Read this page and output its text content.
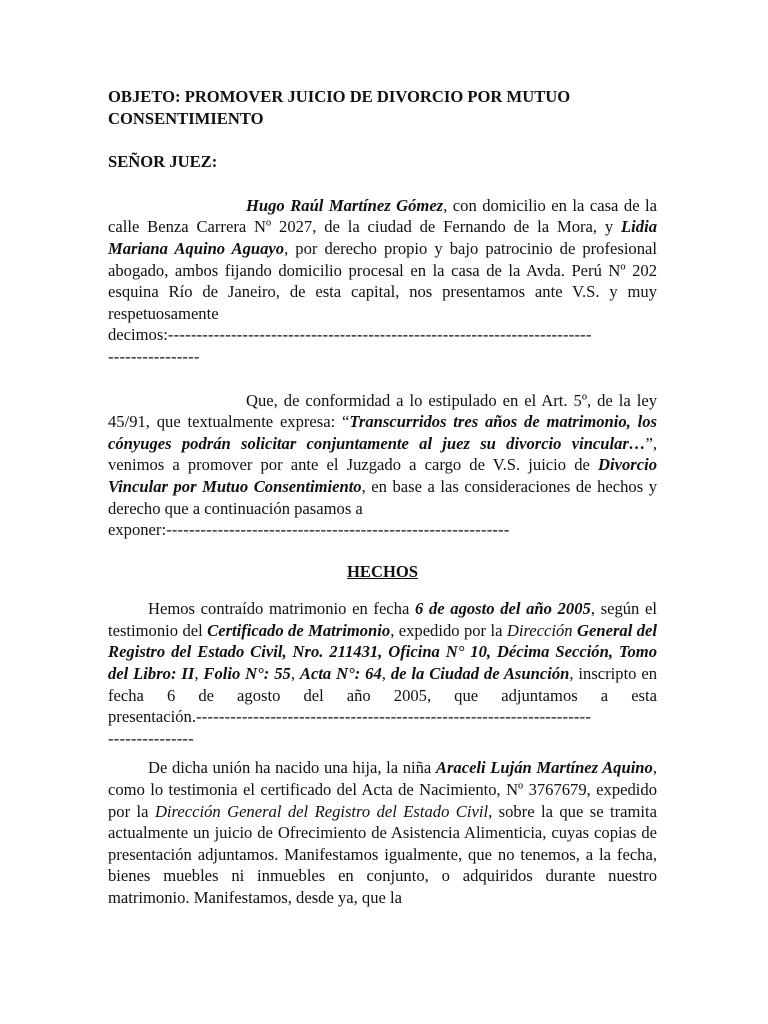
OBJETO: PROMOVER JUICIO DE DIVORCIO POR MUTUO CONSENTIMIENTO
SEÑOR JUEZ:

Hugo Raúl Martínez Gómez, con domicilio en la casa de la calle Benza Carrera Nº 2027, de la ciudad de Fernando de la Mora, y Lidia Mariana Aquino Aguayo, por derecho propio y bajo patrocinio de profesional abogado, ambos fijando domicilio procesal en la casa de la Avda. Perú Nº 202 esquina Río de Janeiro, de esta capital, nos presentamos ante V.S. y muy respetuosamente decimos:--------------------------------------------------------------------------

----------------

Que, de conformidad a lo estipulado en el Art. 5º, de la ley 45/91, que textualmente expresa: “Transcurridos tres años de matrimonio, los cónyuges podrán solicitar conjuntamente al juez su divorcio vincular…”, venimos a promover por ante el Juzgado a cargo de V.S. juicio de Divorcio Vincular por Mutuo Consentimiento, en base a las consideraciones de hechos y derecho que a continuación pasamos a

exponer:------------------------------------------------------------
HECHOS

Hemos contraído matrimonio en fecha 6 de agosto del año 2005, según el testimonio del Certificado de Matrimonio, expedido por la Dirección General del Registro del Estado Civil, Nro. 211431, Oficina N° 10, Décima Sección, Tomo del Libro: II, Folio N°: 55, Acta N°: 64, de la Ciudad de Asunción, inscripto en fecha 6 de agosto del año 2005, que adjuntamos a esta presentación.---------------------------------------------------------------------

---------------

De dicha unión ha nacido una hija, la niña Araceli Luján Martínez Aquino, como lo testimonia el certificado del Acta de Nacimiento, Nº 3767679, expedido por la Dirección General del Registro del Estado Civil, sobre la que se tramita actualmente un juicio de Ofrecimiento de Asistencia Alimenticia, cuyas copias de presentación adjuntamos. Manifestamos igualmente, que no tenemos, a la fecha, bienes muebles ni inmuebles en conjunto, o adquiridos durante nuestro matrimonio. Manifestamos, desde ya, que la
